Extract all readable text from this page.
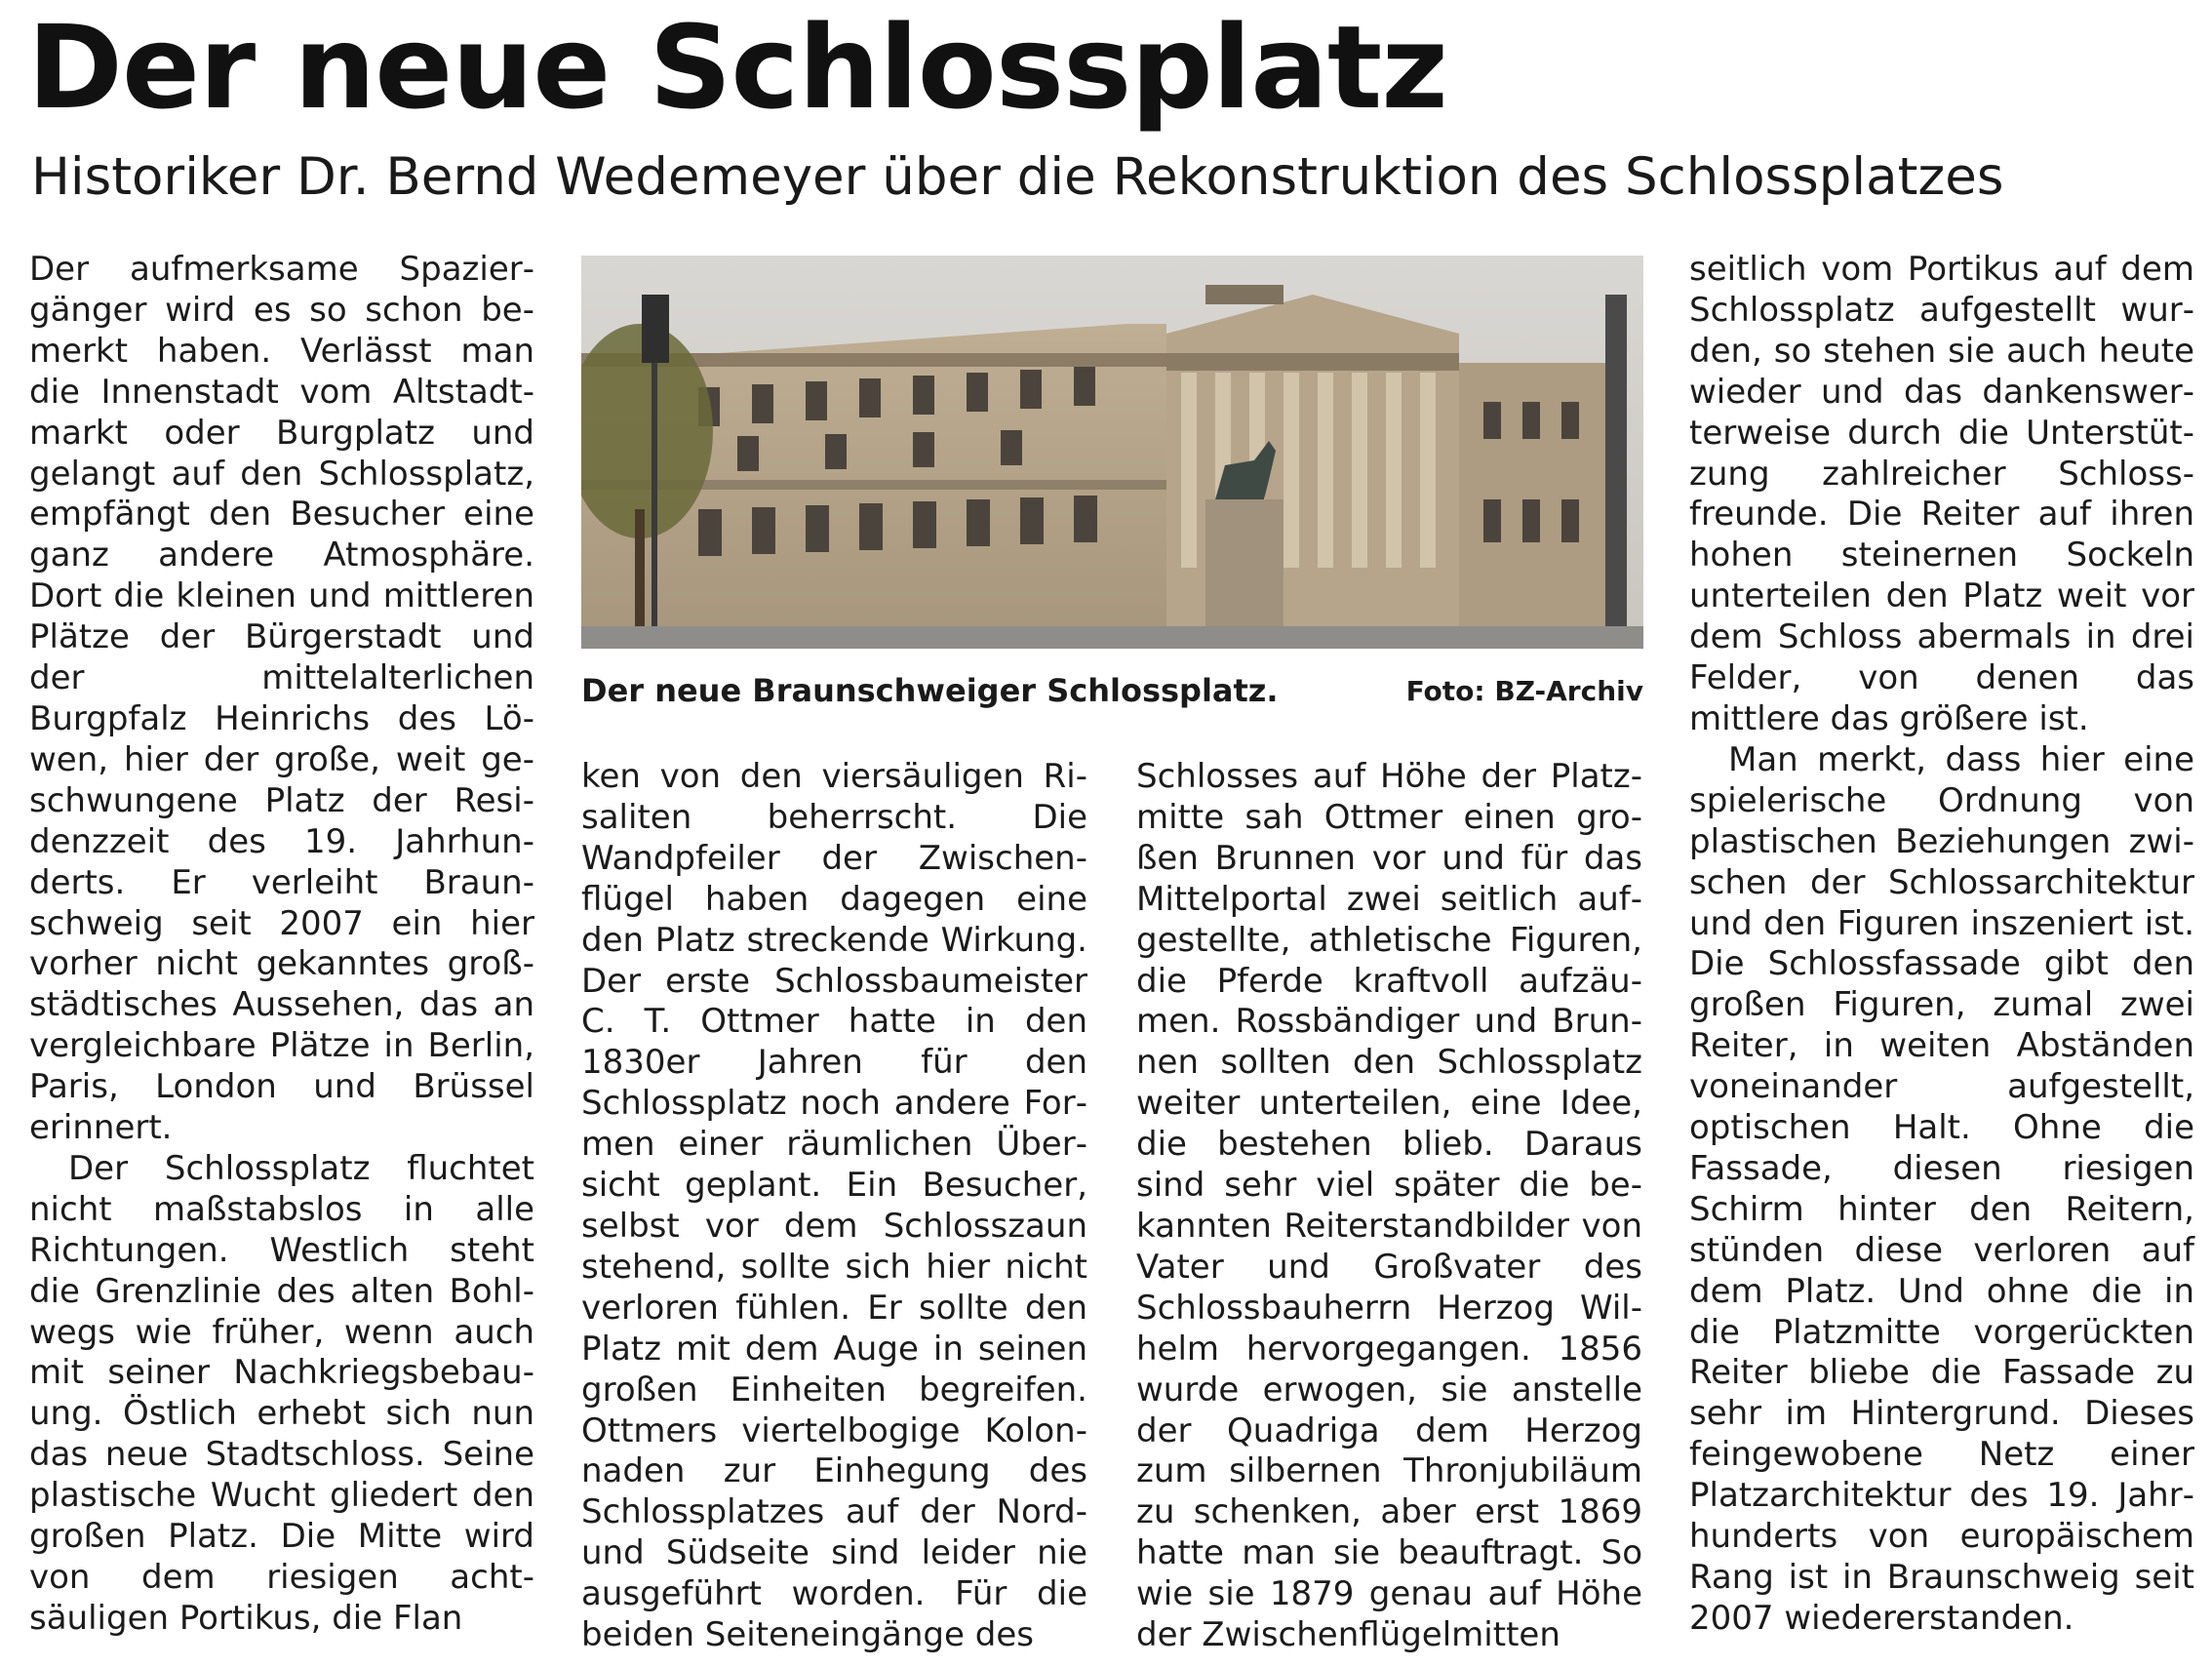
Der neue Schlossplatz
Historiker Dr. Bernd Wedemeyer über die Rekonstruktion des Schlossplatzes

Der aufmerksame Spaziergänger wird es so schon bemerkt haben. Verlässt man die Innenstadt vom Altstadtmarkt oder Burgplatz und gelangt auf den Schlossplatz, empfängt den Besucher eine ganz andere Atmosphäre. Dort die kleinen und mittleren Plätze der Bürgerstadt und der mittelalterlichen Burgpfalz Heinrichs des Löwen, hier der große, weit geschwungene Platz der Residenzzeit des 19. Jahrhunderts. Er verleiht Braunschweig seit 2007 ein hier vorher nicht gekanntes großstädtisches Aussehen, das an vergleichbare Plätze in Berlin, Paris, London und Brüssel erinnert.

Der Schlossplatz fluchtet nicht maßstabslos in alle Richtungen. Westlich steht die Grenzlinie des alten Bohlwegs wie früher, wenn auch mit seiner Nachkriegsbebauung. Östlich erhebt sich nun das neue Stadtschloss. Seine plastische Wucht gliedert den großen Platz. Die Mitte wird von dem riesigen achtsäuligen Portikus, die Flan

Der neue Braunschweiger Schlossplatz.	Foto: BZ-Archiv

ken von den viersäuligen Risaliten beherrscht. Die Wandpfeiler der Zwischenflügel haben dagegen eine den Platz streckende Wirkung. Der erste Schlossbaumeister C. T. Ottmer hatte in den 1830er Jahren für den Schlossplatz noch andere Formen einer räumlichen Übersicht geplant. Ein Besucher, selbst vor dem Schlosszaun stehend, sollte sich hier nicht verloren fühlen. Er sollte den Platz mit dem Auge in seinen großen Einheiten begreifen. Ottmers viertelbogige Kolonnaden zur Einhegung des Schlossplatzes auf der Nord- und Südseite sind leider nie ausgeführt worden. Für die beiden Seiteneingänge des

Schlosses auf Höhe der Platzmitte sah Ottmer einen großen Brunnen vor und für das Mittelportal zwei seitlich aufgestellte, athletische Figuren, die Pferde kraftvoll aufzäumen. Rossbändiger und Brunnen sollten den Schlossplatz weiter unterteilen, eine Idee, die bestehen blieb. Daraus sind sehr viel später die bekannten Reiterstandbilder von Vater und Großvater des Schlossbauherrn Herzog Wilhelm hervorgegangen. 1856 wurde erwogen, sie anstelle der Quadriga dem Herzog zum silbernen Thronjubiläum zu schenken, aber erst 1869 hatte man sie beauftragt. So wie sie 1879 genau auf Höhe der Zwischenflügelmitten

seitlich vom Portikus auf dem Schlossplatz aufgestellt wurden, so stehen sie auch heute wieder und das dankenswerterweise durch die Unterstützung zahlreicher Schlossfreunde. Die Reiter auf ihren hohen steinernen Sockeln unterteilen den Platz weit vor dem Schloss abermals in drei Felder, von denen das mittlere das größere ist.

Man merkt, dass hier eine spielerische Ordnung von plastischen Beziehungen zwischen der Schlossarchitektur und den Figuren inszeniert ist. Die Schlossfassade gibt den großen Figuren, zumal zwei Reiter, in weiten Abständen voneinander aufgestellt, optischen Halt. Ohne die Fassade, diesen riesigen Schirm hinter den Reitern, stünden diese verloren auf dem Platz. Und ohne die in die Platzmitte vorgerückten Reiter bliebe die Fassade zu sehr im Hintergrund. Dieses feingewobene Netz einer Platzarchitektur des 19. Jahrhunderts von europäischem Rang ist in Braunschweig seit 2007 wiedererstanden.
